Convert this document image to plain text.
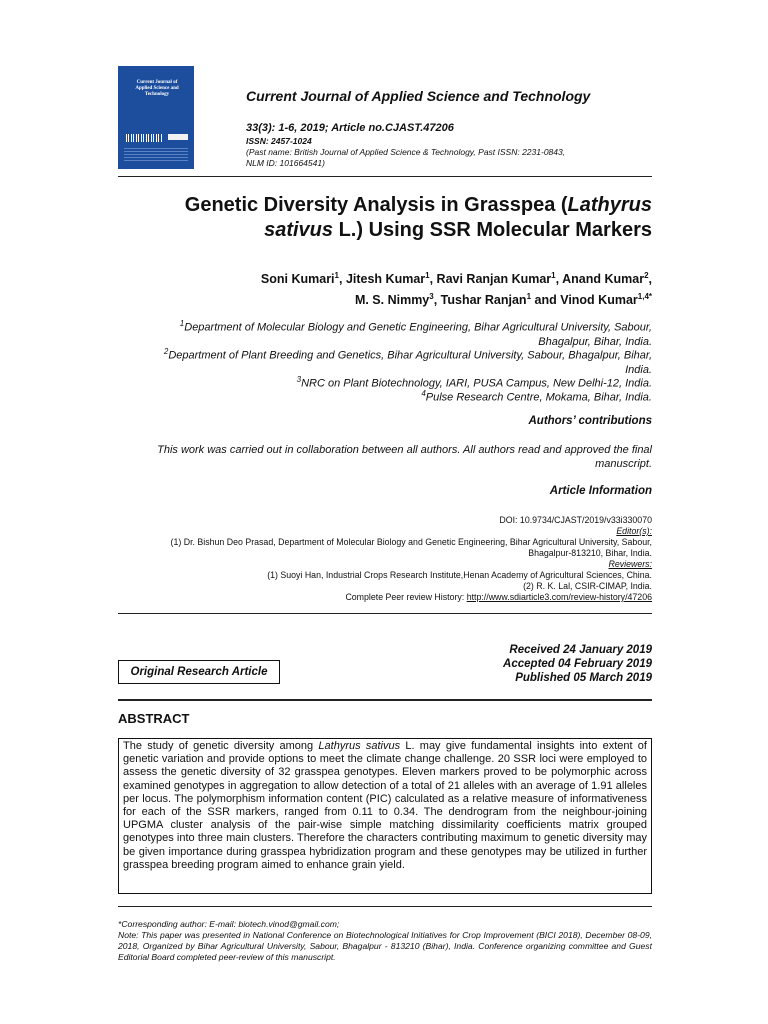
Current Journal of Applied Science and Technology	Current Journal of Applied Science and Technology
33(3): 1-6, 2019; Article no.CJAST.47206
ISSN: 2457-1024
(Past name: British Journal of Applied Science & Technology, Past ISSN: 2231-0843,
NLM ID: 101664541)
Genetic Diversity Analysis in Grasspea (Lathyrus sativus L.) Using SSR Molecular Markers
Soni Kumari$^1$, Jitesh Kumar$^1$, Ravi Ranjan Kumar$^1$, Anand Kumar$^2$,
M. S. Nimmy$^3$, Tushar Ranjan$^1$ and Vinod Kumar$^{1,4*}$
$^1$Department of Molecular Biology and Genetic Engineering, Bihar Agricultural University, Sabour,
Bhagalpur, Bihar, India.
$^2$Department of Plant Breeding and Genetics, Bihar Agricultural University, Sabour, Bhagalpur, Bihar,
India.
$^3$NRC on Plant Biotechnology, IARI, PUSA Campus, New Delhi-12, India.
$^4$Pulse Research Centre, Mokama, Bihar, India.
Authors’ contributions
This work was carried out in collaboration between all authors. All authors read and approved the final
manuscript.
Article Information
DOI: 10.9734/CJAST/2019/v33i330070
Editor(s):
(1) Dr. Bishun Deo Prasad, Department of Molecular Biology and Genetic Engineering, Bihar Agricultural University, Sabour,
Bhagalpur-813210, Bihar, India.
Reviewers:
(1) Suoyi Han, Industrial Crops Research Institute,Henan Academy of Agricultural Sciences, China.
(2) R. K. Lal, CSIR-CIMAP, India.
Complete Peer review History: http://www.sdiarticle3.com/review-history/47206
Original Research Article
Received 24 January 2019
Accepted 04 February 2019
Published 05 March 2019
ABSTRACT
The study of genetic diversity among Lathyrus sativus L. may give fundamental insights into extent of genetic variation and provide options to meet the climate change challenge. 20 SSR loci were employed to assess the genetic diversity of 32 grasspea genotypes. Eleven markers proved to be polymorphic across examined genotypes in aggregation to allow detection of a total of 21 alleles with an average of 1.91 alleles per locus. The polymorphism information content (PIC) calculated as a relative measure of informativeness for each of the SSR markers, ranged from 0.11 to 0.34. The dendrogram from the neighbour-joining UPGMA cluster analysis of the pair-wise simple matching dissimilarity coefficients matrix grouped genotypes into three main clusters. Therefore the characters contributing maximum to genetic diversity may be given importance during grasspea hybridization program and these genotypes may be utilized in further grasspea breeding program aimed to enhance grain yield.
*Corresponding author: E-mail: biotech.vinod@gmail.com;
Note: This paper was presented in National Conference on Biotechnological Initiatives for Crop Improvement (BICI 2018), December 08-09, 2018, Organized by Bihar Agricultural University, Sabour, Bhagalpur - 813210 (Bihar), India. Conference organizing committee and Guest Editorial Board completed peer-review of this manuscript.
